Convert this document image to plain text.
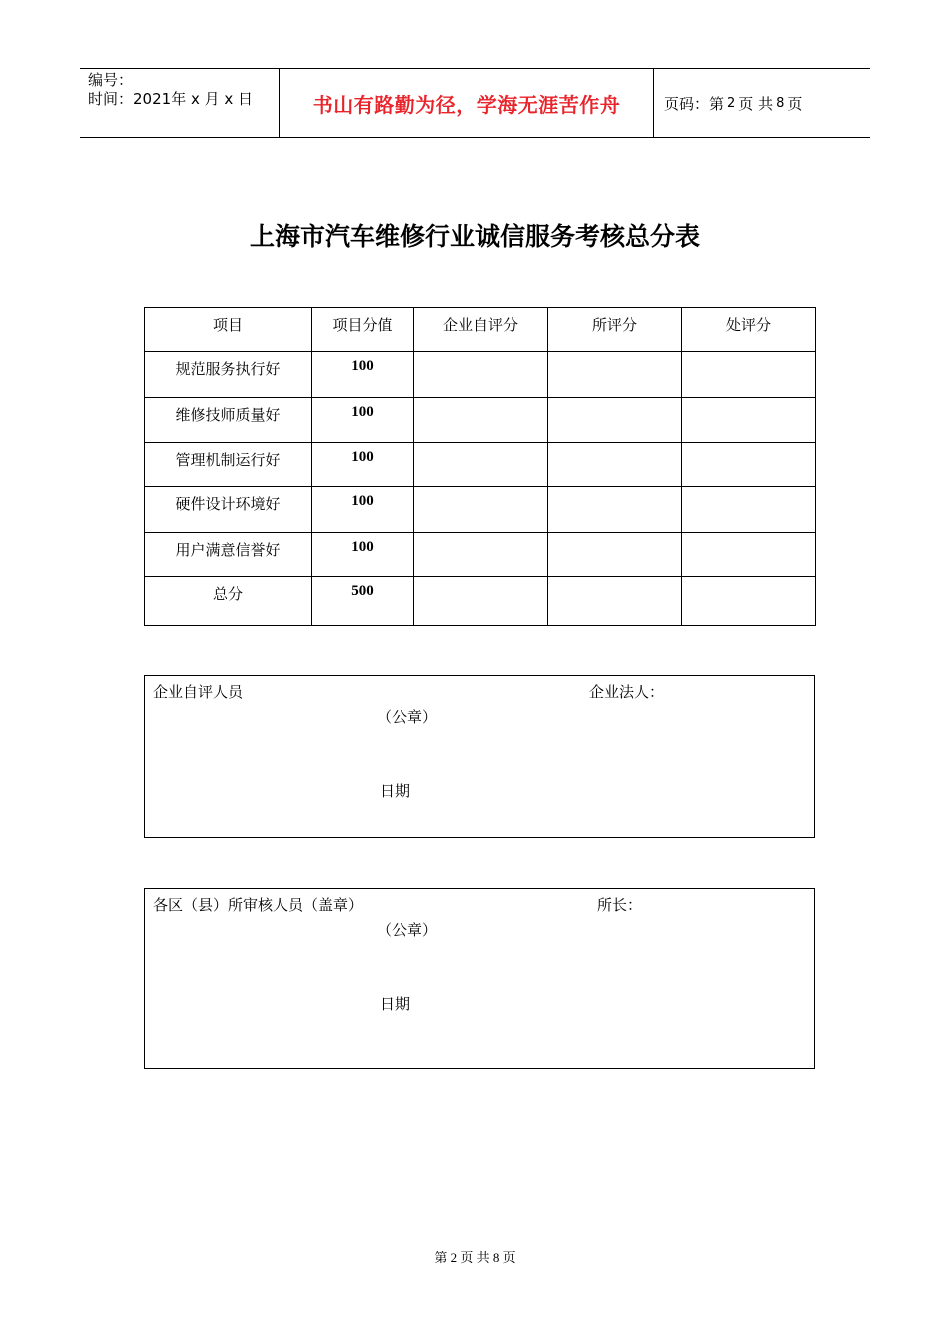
编号：
时间：2021年 x 月 x 日	书山有路勤为径，学海无涯苦作舟	页码：第 2 页 共 8 页
上海市汽车维修行业诚信服务考核总分表
项目	项目分值	企业自评分	所评分	处评分
规范服务执行好	100			
维修技师质量好	100			
管理机制运行好	100			
硬件设计环境好	100			
用户满意信誉好	100			
总分	500			
企业自评人员	企业法人：
（公章）
日期
各区（县）所审核人员（盖章）	所长：
（公章）
日期
第 2 页 共 8 页
